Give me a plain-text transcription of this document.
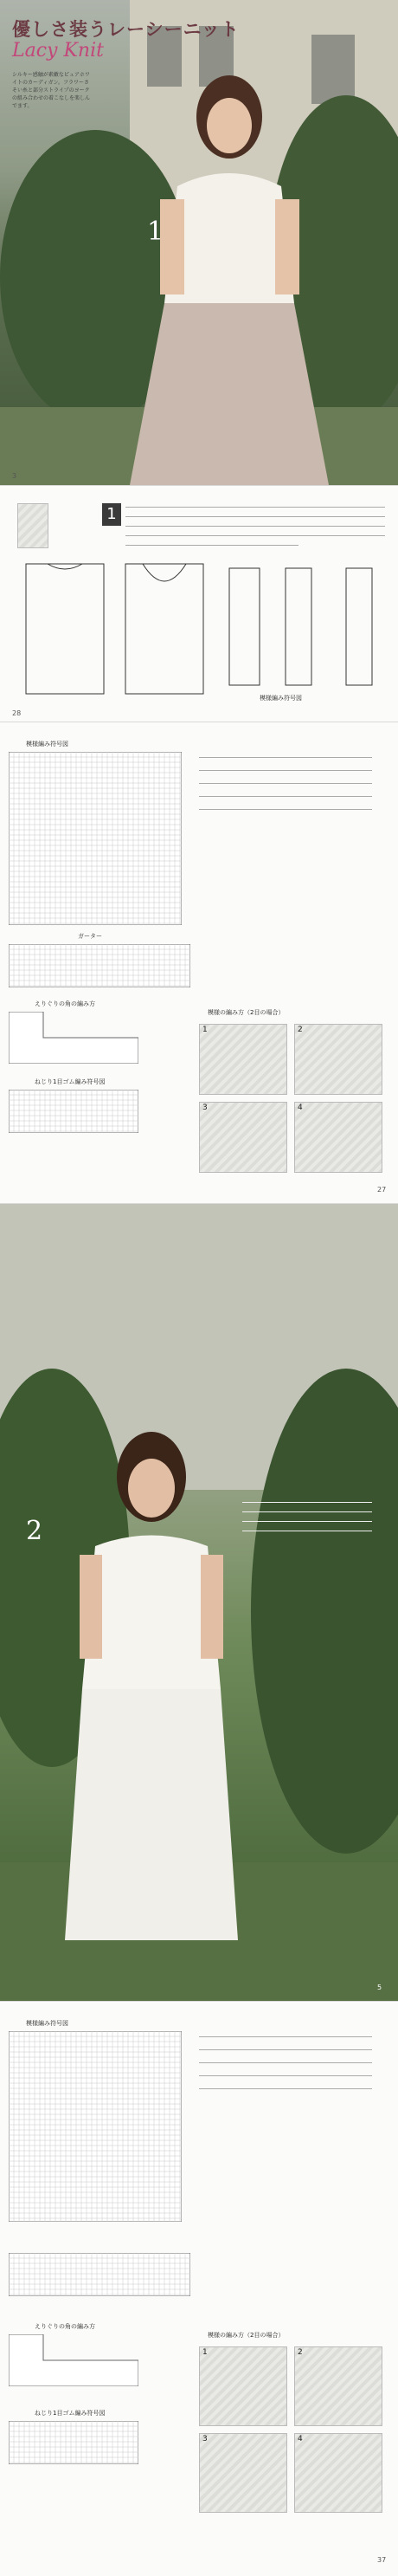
優しさ装うレーシーニット
Lacy Knit
シルキー感触が素敵なピュアホワイトのカーディガン。フラワーさそい糸と部分ストライプのヨークの組み合わせの着こなしを楽しんでます。
1
3
1
模様編み符号図
28
模様編み符号図
ガーター
えりぐりの角の編み方
ねじり1目ゴム編み符号図
模様の編み方（2目の場合）
1	2
3	4
27
2
5
模様編み符号図
えりぐりの角の編み方
ねじり1目ゴム編み符号図
模様の編み方（2目の場合）
1	2
3	4
37
